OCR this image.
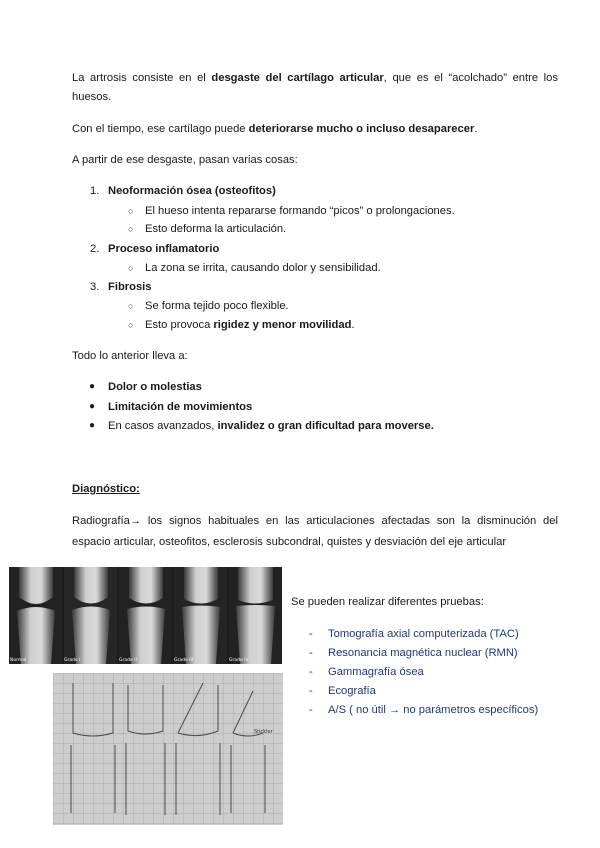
La artrosis consiste en el desgaste del cartílago articular, que es el “acolchado” entre los huesos.

Con el tiempo, ese cartílago puede deteriorarse mucho o incluso desaparecer.

A partir de ese desgaste, pasan varias cosas:

1. Neoformación ósea (osteofitos)
○ El hueso intenta repararse formando “picos” o prolongaciones.
○ Esto deforma la articulación.
2. Proceso inflamatorio
○ La zona se irrita, causando dolor y sensibilidad.
3. Fibrosis
○ Se forma tejido poco flexible.
○ Esto provoca rigidez y menor movilidad.

Todo lo anterior lleva a:

● Dolor o molestias
● Limitación de movimientos
● En casos avanzados, invalidez o gran dificultad para moverse.

Diagnóstico:

Radiografía→ los signos habituales en las articulaciones afectadas son la disminución del espacio articular, osteofitos, esclerosis subcondral, quistes y desviación del eje articular

Normal	Grade I	Grade II	Grade III	Grade IV
Stickler
Se pueden realizar diferentes pruebas:
- Tomografía axial computerizada (TAC)
- Resonancia magnética nuclear (RMN)
- Gammagrafía ósea
- Ecografía
- A/S ( no útil → no parámetros específicos)
